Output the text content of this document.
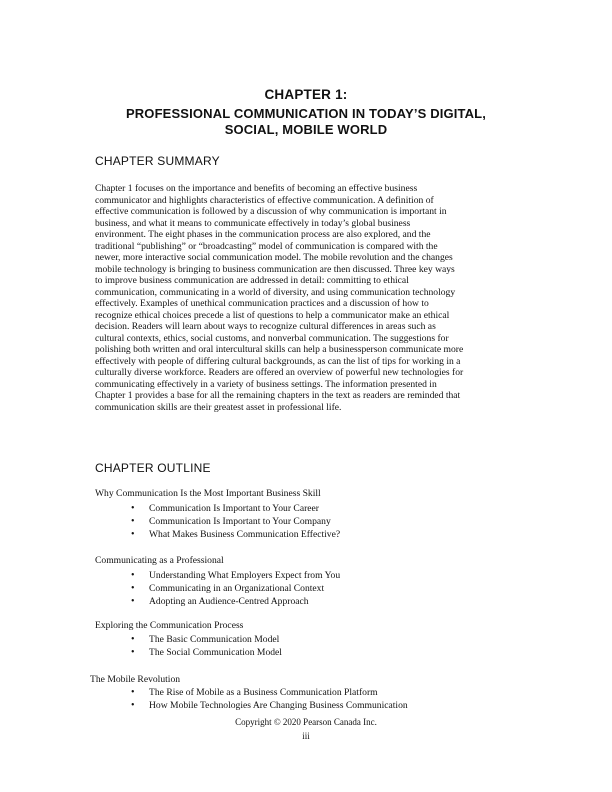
CHAPTER 1:
PROFESSIONAL COMMUNICATION IN TODAY’S DIGITAL,
SOCIAL, MOBILE WORLD
CHAPTER SUMMARY
Chapter 1 focuses on the importance and benefits of becoming an effective business
communicator and highlights characteristics of effective communication. A definition of
effective communication is followed by a discussion of why communication is important in
business, and what it means to communicate effectively in today’s global business
environment. The eight phases in the communication process are also explored, and the
traditional “publishing” or “broadcasting” model of communication is compared with the
newer, more interactive social communication model. The mobile revolution and the changes
mobile technology is bringing to business communication are then discussed. Three key ways
to improve business communication are addressed in detail: committing to ethical
communication, communicating in a world of diversity, and using communication technology
effectively. Examples of unethical communication practices and a discussion of how to
recognize ethical choices precede a list of questions to help a communicator make an ethical
decision. Readers will learn about ways to recognize cultural differences in areas such as
cultural contexts, ethics, social customs, and nonverbal communication. The suggestions for
polishing both written and oral intercultural skills can help a businessperson communicate more
effectively with people of differing cultural backgrounds, as can the list of tips for working in a
culturally diverse workforce. Readers are offered an overview of powerful new technologies for
communicating effectively in a variety of business settings. The information presented in
Chapter 1 provides a base for all the remaining chapters in the text as readers are reminded that
communication skills are their greatest asset in professional life.
CHAPTER OUTLINE
Why Communication Is the Most Important Business Skill
• Communication Is Important to Your Career
• Communication Is Important to Your Company
• What Makes Business Communication Effective?
Communicating as a Professional
• Understanding What Employers Expect from You
• Communicating in an Organizational Context
• Adopting an Audience-Centred Approach
Exploring the Communication Process
• The Basic Communication Model
• The Social Communication Model
The Mobile Revolution
• The Rise of Mobile as a Business Communication Platform
• How Mobile Technologies Are Changing Business Communication
Copyright © 2020 Pearson Canada Inc.
iii
